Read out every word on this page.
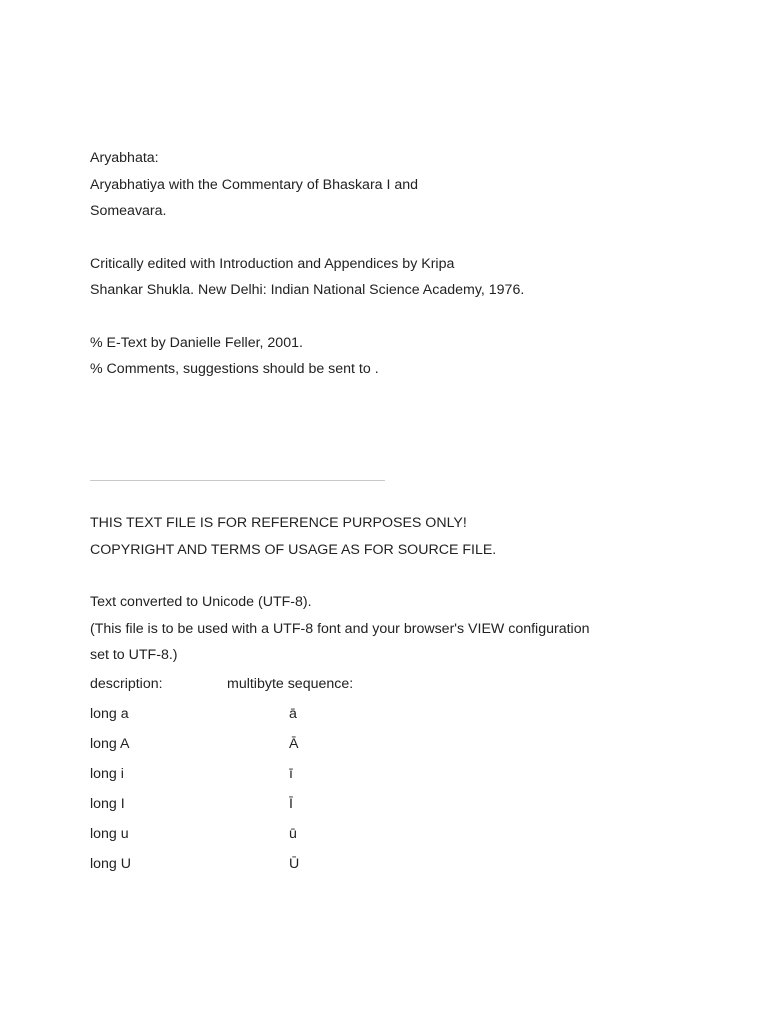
Aryabhata:
Aryabhatiya with the Commentary of Bhaskara I and
Someavara.
Critically edited with Introduction and Appendices by Kripa
Shankar Shukla. New Delhi: Indian National Science Academy, 1976.
% E-Text by Danielle Feller, 2001.
% Comments, suggestions should be sent to .
THIS TEXT FILE IS FOR REFERENCE PURPOSES ONLY!
COPYRIGHT AND TERMS OF USAGE AS FOR SOURCE FILE.
Text converted to Unicode (UTF-8).
(This file is to be used with a UTF-8 font and your browser's VIEW configuration
set to UTF-8.)
description:	multibyte sequence:
long a	ā
long A	Ā
long i	ī
long I	Ī
long u	ū
long U	Ū
